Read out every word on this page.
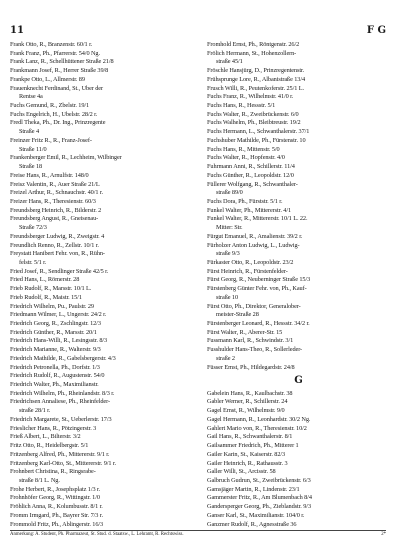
11	F G
Frank Otto, R., Branzenstr. 60/1 r.
Frank Franz, Ph., Pfarrerstr. 54/0 Ng.
Frank Lanz, R., Schellhüttener Straße 21/8
Frankmann Josef, R., Herrer Straße 39/8
Frankpe Otto, L., Allmerstr. 89
Frauenknecht Ferdinand, St., Uber der
Rentse 4a
Fuchs Gemund, R., Zbelstr. 19/1
Fuchs Engelrich, H., Ubelstr. 28/2 r.
Fredl Theka, Ph., Dr. Ing., Prinzregente
Straße 4
Freinzer Fritz R., R., Franz-Josef-
Straße 11/0
Frankenberger Emil, R., Lechheim, Wilbinger
Straße 18
Freise Hans, R., Arnulfstr. 148/0
Freisz Valentin, R., Auer Straße 21/L
Freizel Arthur, R., Schnauchstr. 40/1 r.
Freizer Hans, R., Theresienstr. 60/3
Freundsberg Heinrich, R., Bilderstr. 2
Freundsberg Angust, R., Gneisenau-
Straße 72/3
Freundsberger Ludwig, R., Zweigstr. 4
Freundlich Renno, R., Zellstr. 10/1 r.
Freystatt Hanibert Fehr. von, R., Rühn-
felstr. 5/1 r.
Fried Josef, R., Sendlinger Straße 42/5 r.
Fried Hans, L., Römerstr. 28
Frieb Rudolf, R., Marsstr. 10/1 L.
Frieb Rudolf, R., Maistr. 15/1
Friedrich Wilhelm, Pu., Paulstr. 29
Friedmann Wilmer, L., Ungerstr. 24/2 r.
Friedrich Georg, R., Zschlingstr. 12/3
Friedrich Günther, R., Marsstr. 20/1
Friedrich Hans-Willi, R., Lesingsstr. 8/3
Friedrich Marianne, R., Walterstr. 9/3
Friedrich Mathilde, R., Gabelsbergerstr. 4/3
Friedrich Petronella, Ph., Dorfstr. 1/3
Friedrich Rudolf, R., Augustenstr. 54/0
Friedrich Walter, Ph., Maximilianstr.
Friedrich Wilhelm, Ph., Rheinlandstr. 8/3 r.
Friedrichsen Annaliese, Ph., Rheinfelder-
straße 28/1 r.
Friedrich Margarete, St., Ueberlerstr. 17/3
Frieslicher Hans, R., Pötzingerstr. 3
Frieß Albert, L., Bilterstr. 3/2
Fritz Otto, R., Heidelbergstr. 5/1
Fritzenberg Alfred, Ph., Mittererstr. 9/1 r.
Fritzenberg Karl-Otto, St., Mittererstr. 9/1 r.
Frohnbert Christina, R., Ringsrabe-
straße 8/1 L. Ng.
Frohe Herbert, R., Josephsplatz 1/3 r.
Frohnhöfer Georg, R., Wittingstr. 1/0
Fröhlich Anna, R., Kolumbusstr. 8/1 r.
Fromm Irmgard, Ph., Bayrer Str. 7/3 r.
Frommold Fritz, Ph., Ablingerstr. 16/3
Fromhold Ernst, Ph., Röntgenstr. 26/2
Frölich Hermann, St., Hohenzollern-
straße 45/1
Fröschle Hansjürg, D., Prinzregentenstr.
Frühsprunge Lore, R., Albanistraße 13/4
Frusch Willi, R., Peutenkoferstr. 25/1 L.
Fuchs Franz, R., Wilhelmstr. 41/0 r.
Fuchs Hans, R., Hessstr. 5/1
Fuchs Walter, R., Zweibrückenstr. 6/0
Fuchs Walhelm, Ph., Bleibtreustr. 19/2
Fuchs Hermann, L., Schwanthalerstr. 37/1
Fuchshuber Mathilde, Ph., Fürstenstr. 10
Fuchs Hans, R., Mittenstr. 5/0
Fuchs Walter, R., Hopfenstr. 4/0
Fuhrmann Anni, R., Schillerstr. 11/4
Fuchs Günther, R., Leopoldstr. 12/0
Füllerer Wolfgang, R., Schwanthaler-
straße 89/0
Fuchs Dora, Ph., Fürststr. 5/1 r.
Funkel Walter, Ph., Mittererstr. 4/1
Funkel Walter, R., Mittererstr. 10/1 L. 22.
Mitter: Str.
Fürgut Emanuel, R., Amalienstr. 39/2 r.
Fürholzer Anton Ludwig, L., Ludwig-
straße 9/3
Fürkaster Otto, R., Leopoldstr. 23/2
Fürst Heinrich, R., Fürstenfelder-
Fürst Georg, R., Neuberninger Straße 15/3
Fürstenberg Günter Fehr. von, Ph., Kauf-
straße 10
Fürst Otto, Ph., Direktor, Generalober-
meister-Straße 28
Fürstenberger Leonard, R., Hessstr. 34/2 r.
Fürst Walter, R., Aberer-Str. 15
Fussmann Karl, R., Schwindstr. 3/1
Fusshulder Hans-Theo, R., Sollerleder-
straße 2
Füsser Ernst, Ph., Hildegardstr. 24/8
G
Gabelein Hans, R., Kaulbachstr. 38
Gabler Werner, R., Schillerstr. 24
Gagel Ernst, R., Wilhelmstr. 9/0
Gagel Hermann, R., Leonhardstr. 30/2 Ng.
Gahlert Mario von, R., Theresienstr. 10/2
Gail Hans, R., Schwanthalerstr. 8/1
Gailsammer Friedrich, Ph., Mitterer 1
Gailer Karin, St., Kaiserstr. 82/3
Gailer Heinrich, R., Rathausstr. 3
Galler Willi, St., Arcisstr. 58
Galbruch Gudrun, St., Zweibrückenstr. 6/3
Gamsjäger Martin, R., Lindenstr. 23/1
Gammerster Fritz, R., Am Blumenbach 8/4
Gandersperger Georg, Ph., Zieblandstr. 9/3
Ganser Karl, St., Maximilianstr. 104/0 r.
Ganzmer Rudolf, R., Agnesstraße 36
Anmerkung: A. Student, Ph. Pharmazeut, St. Stud. d. Staatsw., L. Lehramt, R. Rechtswiss.	2*
